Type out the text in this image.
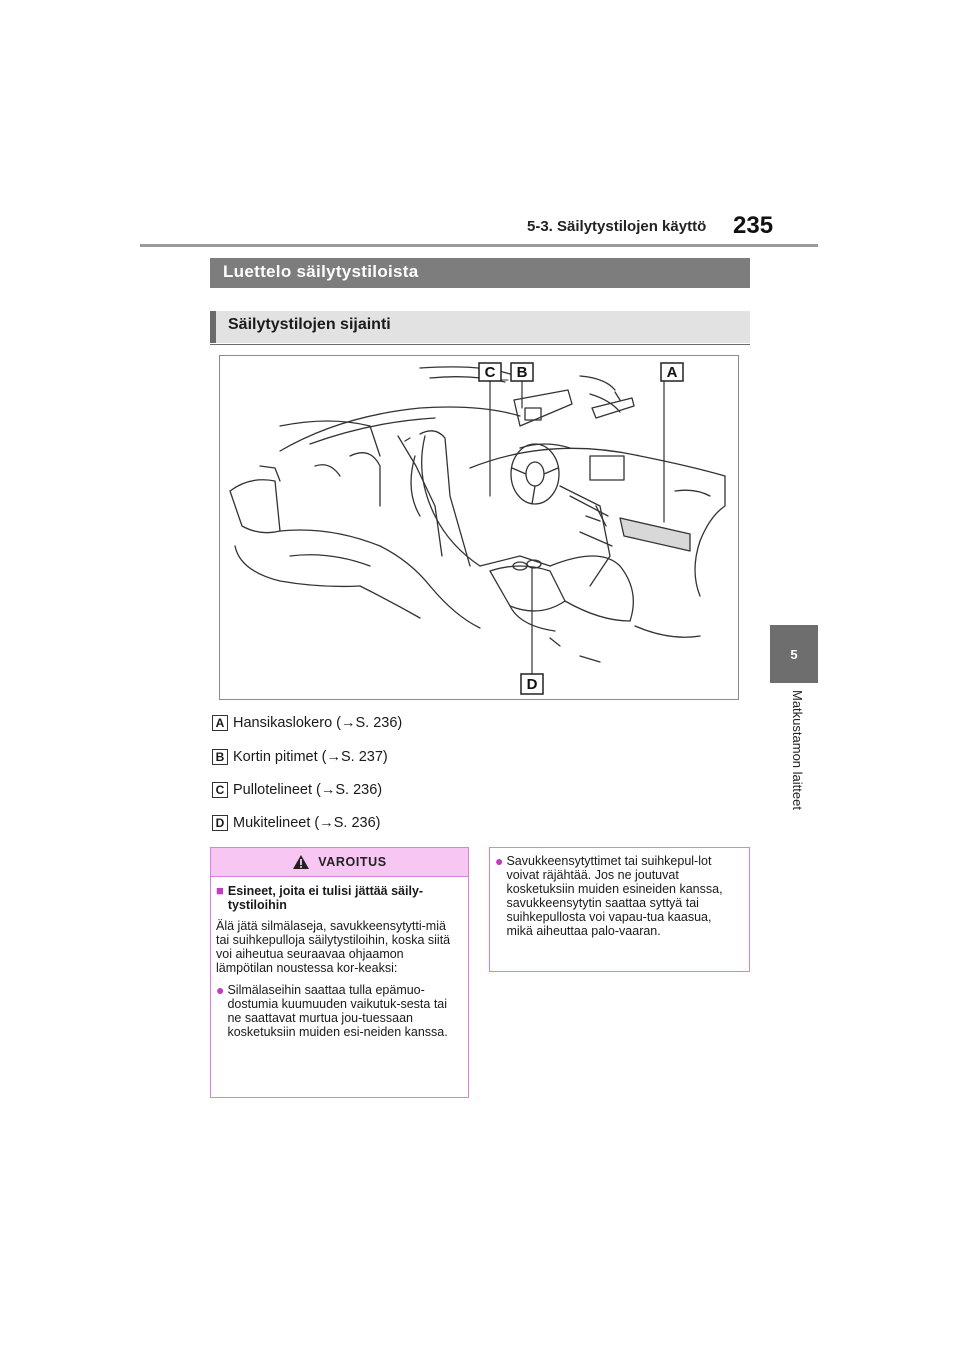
5-3. Säilytystilojen käyttö 235
5
Matkustamon laitteet
Luettelo säilytystiloista
Säilytystilojen sijainti
C B	A
D
A Hansikaslokero (→S. 236)
B Kortin pitimet (→S. 237)
C Pullotelineet (→S. 236)
D Mukitelineet (→S. 236)
VAROITUS
■ Esineet, joita ei tulisi jättää säily-tystiloihin

Älä jätä silmälaseja, savukkeensytytti-miä tai suihkepulloja säilytystiloihin, koska siitä voi aiheutua seuraavaa ohjaamon lämpötilan noustessa kor-keaksi:

● Silmälaseihin saattaa tulla epämuo-dostumia kuumuuden vaikutuk-sesta tai ne saattavat murtua jou-tuessaan kosketuksiin muiden esi-neiden kanssa.
● Savukkeensytyttimet tai suihkepul-lot voivat räjähtää. Jos ne joutuvat kosketuksiin muiden esineiden kanssa, savukkeensytytin saattaa syttyä tai suihkepullosta voi vapau-tua kaasua, mikä aiheuttaa palo-vaaran.
